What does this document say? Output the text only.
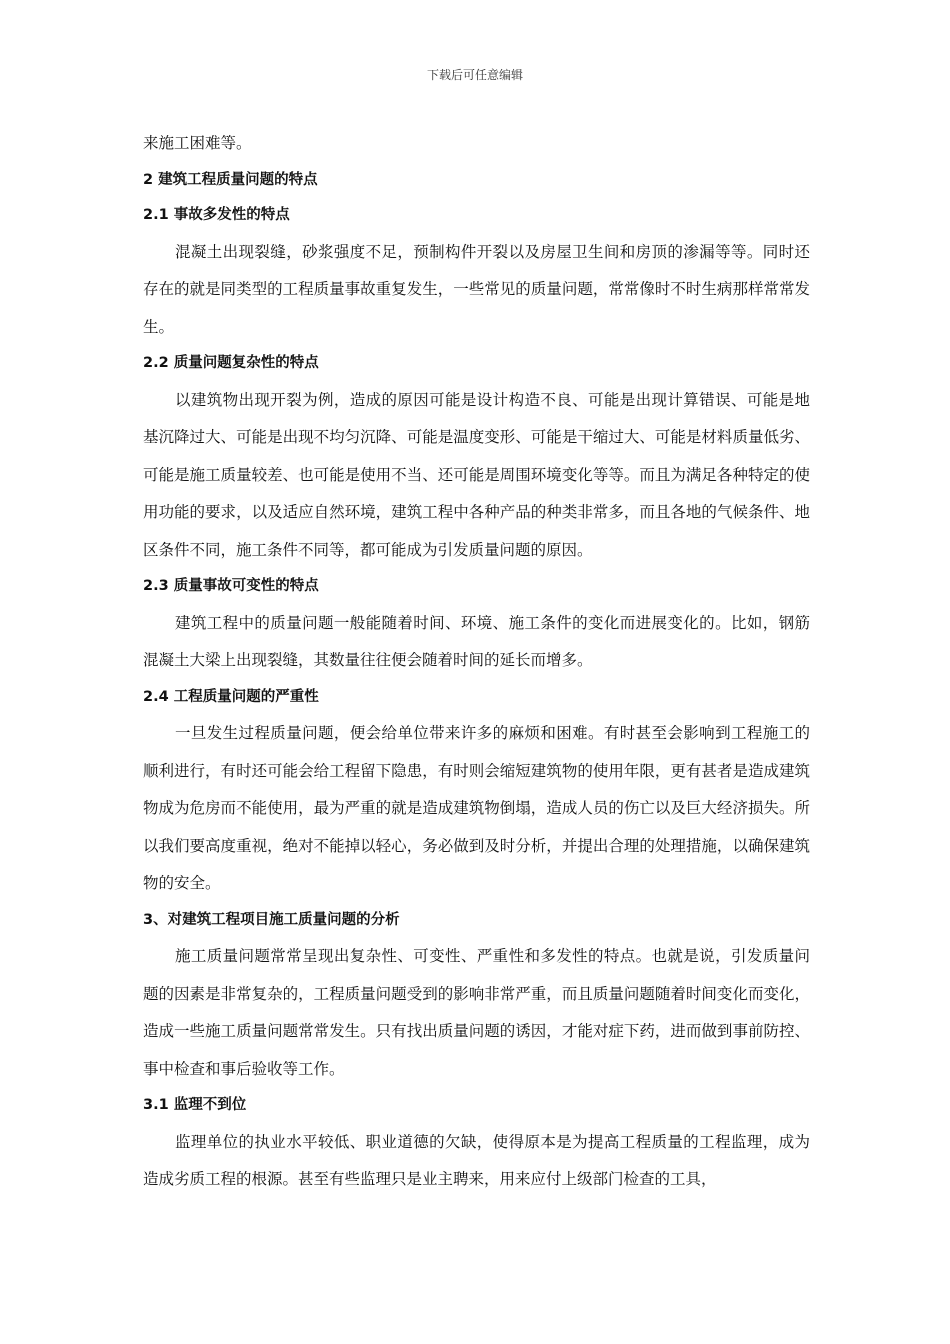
下载后可任意编辑

来施工困难等。

2 建筑工程质量问题的特点

2.1 事故多发性的特点

混凝土出现裂缝，砂浆强度不足，预制构件开裂以及房屋卫生间和房顶的渗漏等等。同时还存在的就是同类型的工程质量事故重复发生，一些常见的质量问题，常常像时不时生病那样常常发生。

2.2 质量问题复杂性的特点

以建筑物出现开裂为例，造成的原因可能是设计构造不良、可能是出现计算错误、可能是地基沉降过大、可能是出现不均匀沉降、可能是温度变形、可能是干缩过大、可能是材料质量低劣、可能是施工质量较差、也可能是使用不当、还可能是周围环境变化等等。而且为满足各种特定的使用功能的要求，以及适应自然环境，建筑工程中各种产品的种类非常多，而且各地的气候条件、地区条件不同，施工条件不同等，都可能成为引发质量问题的原因。

2.3 质量事故可变性的特点

建筑工程中的质量问题一般能随着时间、环境、施工条件的变化而进展变化的。比如，钢筋混凝土大梁上出现裂缝，其数量往往便会随着时间的延长而增多。

2.4 工程质量问题的严重性

一旦发生过程质量问题，便会给单位带来许多的麻烦和困难。有时甚至会影响到工程施工的顺利进行，有时还可能会给工程留下隐患，有时则会缩短建筑物的使用年限，更有甚者是造成建筑物成为危房而不能使用，最为严重的就是造成建筑物倒塌，造成人员的伤亡以及巨大经济损失。所以我们要高度重视，绝对不能掉以轻心，务必做到及时分析，并提出合理的处理措施，以确保建筑物的安全。

3、对建筑工程项目施工质量问题的分析

施工质量问题常常呈现出复杂性、可变性、严重性和多发性的特点。也就是说，引发质量问题的因素是非常复杂的，工程质量问题受到的影响非常严重，而且质量问题随着时间变化而变化，造成一些施工质量问题常常发生。只有找出质量问题的诱因，才能对症下药，进而做到事前防控、事中检查和事后验收等工作。

3.1 监理不到位

监理单位的执业水平较低、职业道德的欠缺，使得原本是为提高工程质量的工程监理，成为造成劣质工程的根源。甚至有些监理只是业主聘来，用来应付上级部门检查的工具，
